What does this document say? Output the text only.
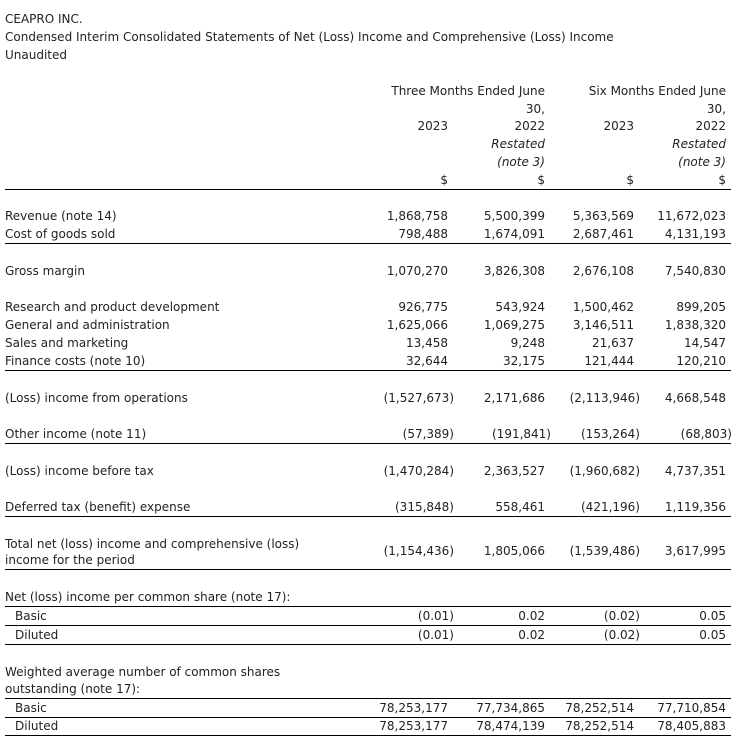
CEAPRO INC.
Condensed Interim Consolidated Statements of Net (Loss) Income and Comprehensive (Loss) Income
Unaudited
Three Months Ended June	Six Months Ended June
30,	30,
2023	2022	2023	2022
Restated	Restated
(note 3)	(note 3)
$	$	$	$
Revenue (note 14)	1,868,758	5,500,399 5,363,569 11,672,023
Cost of goods sold	798,488	1,674,091 2,687,461	4,131,193
Gross margin	1,070,270	3,826,308 2,676,108	7,540,830
Research and product development	926,775	543,924 1,500,462	899,205
General and administration	1,625,066	1,069,275 3,146,511	1,838,320
Sales and marketing	13,458	9,248	21,637	14,547
Finance costs (note 10)	32,644	32,175	121,444	120,210
(Loss) income from operations	(1,527,673) 2,171,686 (2,113,946) 4,668,548
Other income (note 11)	(57,389)	(191,841)	(153,264)	(68,803)
(Loss) income before tax	(1,470,284) 2,363,527 (1,960,682) 4,737,351
Deferred tax (benefit) expense	(315,848)	558,461	(421,196) 1,119,356
Total net (loss) income and comprehensive (loss)
income for the period
(1,154,436) 1,805,066 (1,539,486) 3,617,995
Net (loss) income per common share (note 17):
Basic	(0.01)	0.02	(0.02)	0.05
Diluted	(0.01)	0.02	(0.02)	0.05
Weighted average number of common shares
outstanding (note 17):
Basic	78,253,177 77,734,865 78,252,514 77,710,854
Diluted	78,253,177 78,474,139 78,252,514 78,405,883
